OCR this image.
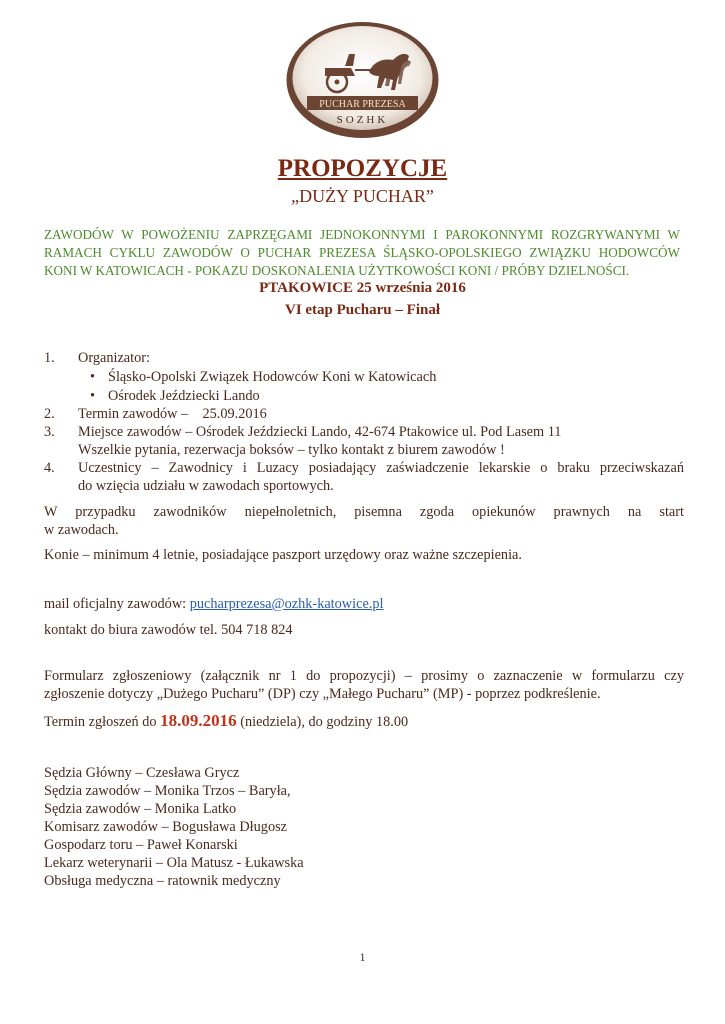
PUCHAR PREZESA
SOZHK
PROPOZYCJE
„DUŻY PUCHAR”
ZAWODÓW W POWOŻENIU ZAPRZĘGAMI JEDNOKONNYMI I PAROKONNYMI ROZGRYWANYMI W RAMACH CYKLU ZAWODÓW O PUCHAR PREZESA ŚLĄSKO-OPOLSKIEGO ZWIĄZKU HODOWCÓW KONI W KATOWICACH - POKAZU DOSKONALENIA UŻYTKOWOŚCI KONI / PRÓBY DZIELNOŚCI.
PTAKOWICE 25 września 2016
VI etap Pucharu – Finał
1. Organizator:
• Śląsko-Opolski Związek Hodowców Koni w Katowicach
• Ośrodek Jeździecki Lando
2. Termin zawodów –    25.09.2016
3. Miejsce zawodów – Ośrodek Jeździecki Lando, 42-674 Ptakowice ul. Pod Lasem 11
Wszelkie pytania, rezerwacja boksów – tylko kontakt z biurem zawodów !
4. Uczestnicy – Zawodnicy i Luzacy posiadający zaświadczenie lekarskie o braku przeciwskazań
do wzięcia udziału w zawodach sportowych.
W przypadku zawodników niepełnoletnich, pisemna zgoda opiekunów prawnych na start
w zawodach.
Konie – minimum 4 letnie, posiadające paszport urzędowy oraz ważne szczepienia.
mail oficjalny zawodów: pucharprezesa@ozhk-katowice.pl
kontakt do biura zawodów tel. 504 718 824
Formularz zgłoszeniowy (załącznik nr 1 do propozycji) – prosimy o zaznaczenie w formularzu czy
zgłoszenie dotyczy „Dużego Pucharu” (DP) czy „Małego Pucharu” (MP) - poprzez podkreślenie.
Termin zgłoszeń do 18.09.2016 (niedziela), do godziny 18.00
Sędzia Główny – Czesława Grycz
Sędzia zawodów – Monika Trzos – Baryła,
Sędzia zawodów – Monika Latko
Komisarz zawodów – Bogusława Długosz
Gospodarz toru – Paweł Konarski
Lekarz weterynarii – Ola Matusz - Łukawska
Obsługa medyczna – ratownik medyczny
1
